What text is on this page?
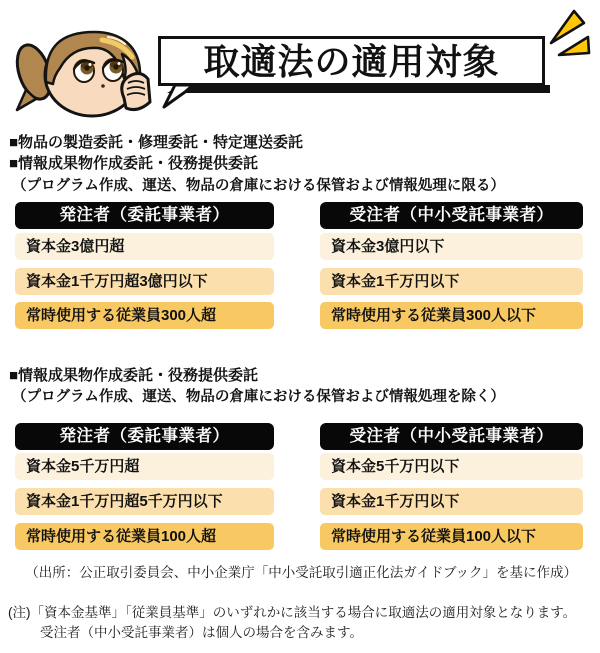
取適法の適用対象
■物品の製造委託・修理委託・特定運送委託
■情報成果物作成委託・役務提供委託
（プログラム作成、運送、物品の倉庫における保管および情報処理に限る）
発注者（委託事業者）	受注者（中小受託事業者）
資本金3億円超	資本金3億円以下
資本金1千万円超3億円以下	資本金1千万円以下
常時使用する従業員300人超	常時使用する従業員300人以下
■情報成果物作成委託・役務提供委託
（プログラム作成、運送、物品の倉庫における保管および情報処理を除く）
発注者（委託事業者）	受注者（中小受託事業者）
資本金5千万円超	資本金5千万円以下
資本金1千万円超5千万円以下	資本金1千万円以下
常時使用する従業員100人超	常時使用する従業員100人以下
（出所：公正取引委員会、中小企業庁「中小受託取引適正化法ガイドブック」を基に作成）
(注)「資本金基準」「従業員基準」のいずれかに該当する場合に取適法の適用対象となります。
受注者（中小受託事業者）は個人の場合を含みます。
